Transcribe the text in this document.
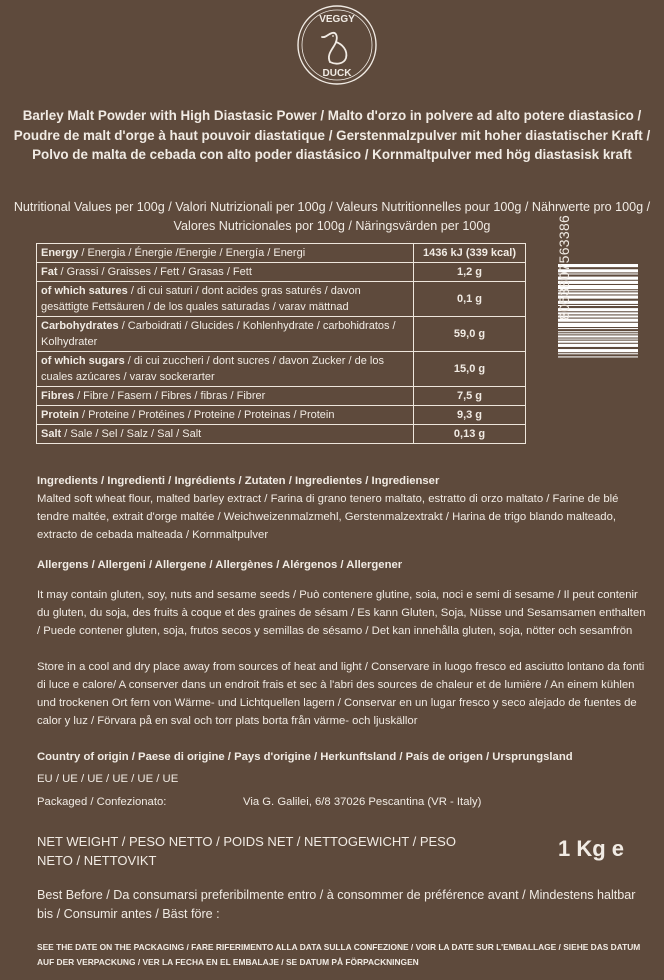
VEGGY
DUCK
Barley Malt Powder with High Diastasic Power / Malto d'orzo in polvere ad alto potere diastasico / Poudre de malt d'orge à haut pouvoir diastatique / Gerstenmalzpulver mit hoher diastatischer Kraft / Polvo de malta de cebada con alto poder diastásico / Kornmaltpulver med hög diastasisk kraft
Nutritional Values per 100g / Valori Nutrizionali per 100g / Valeurs Nutritionnelles pour 100g / Nährwerte pro 100g / Valores Nutricionales por 100g / Näringsvärden per 100g
Energy / Energia / Énergie /Energie / Energía / Energi	1436 kJ (339 kcal)
Fat / Grassi / Graisses / Fett / Grasas / Fett	1,2 g
of which satures / di cui saturi / dont acides gras saturés / davon gesättigte Fettsäuren / de los quales saturadas / varav mättnad	0,1 g
Carbohydrates / Carboidrati / Glucides / Kohlenhydrate / carbohidratos / Kolhydrater	59,0 g
of which sugars / di cui zuccheri / dont sucres / davon Zucker / de los cuales azúcares / varav sockerarter	15,0 g
Fibres / Fibre / Fasern / Fibres / fibras / Fibrer	7,5 g
Protein / Proteine / Protéines / Proteine / Proteinas / Protein	9,3 g
Salt / Sale / Sel / Salz / Sal / Salt	0,13 g
8053807563386
Ingredients / Ingredienti / Ingrédients / Zutaten / Ingredientes / Ingredienser
Malted soft wheat flour, malted barley extract / Farina di grano tenero maltato, estratto di orzo maltato / Farine de blé tendre maltée, extrait d'orge maltée / Weichweizenmalzmehl, Gerstenmalzextrakt / Harina de trigo blando malteado, extracto de cebada malteada / Kornmaltpulver
Allergens / Allergeni / Allergene / Allergènes / Alérgenos / Allergener
It may contain gluten, soy, nuts and sesame seeds / Può contenere glutine, soia, noci e semi di sesame / Il peut contenir du gluten, du soja, des fruits à coque et des graines de sésam / Es kann Gluten, Soja, Nüsse und Sesamsamen enthalten / Puede contener gluten, soja, frutos secos y semillas de sésamo / Det kan innehålla gluten, soja, nötter och sesamfrön
Store in a cool and dry place away from sources of heat and light / Conservare in luogo fresco ed asciutto lontano da fonti di luce e calore/ A conserver dans un endroit frais et sec à l'abri des sources de chaleur et de lumière / An einem kühlen und trockenen Ort fern von Wärme- und Lichtquellen lagern / Conservar en un lugar fresco y seco alejado de fuentes de calor y luz / Förvara på en sval och torr plats borta från värme- och ljuskällor
Country of origin / Paese di origine / Pays d'origine / Herkunftsland / País de origen / Ursprungsland
EU / UE / UE / UE / UE / UE
Packaged / Confezionato:	Via G. Galilei, 6/8 37026 Pescantina (VR - Italy)
NET WEIGHT / PESO NETTO / POIDS NET / NETTOGEWICHT / PESO NETO / NETTOVIKT	1 Kg e
Best Before / Da consumarsi preferibilmente entro / à consommer de préférence avant / Mindestens haltbar bis / Consumir antes / Bäst före :
SEE THE DATE ON THE PACKAGING / FARE RIFERIMENTO ALLA DATA SULLA CONFEZIONE / VOIR LA DATE SUR L'EMBALLAGE / SIEHE DAS DATUM AUF DER VERPACKUNG / VER LA FECHA EN EL EMBALAJE / SE DATUM PÅ FÖRPACKNINGEN
